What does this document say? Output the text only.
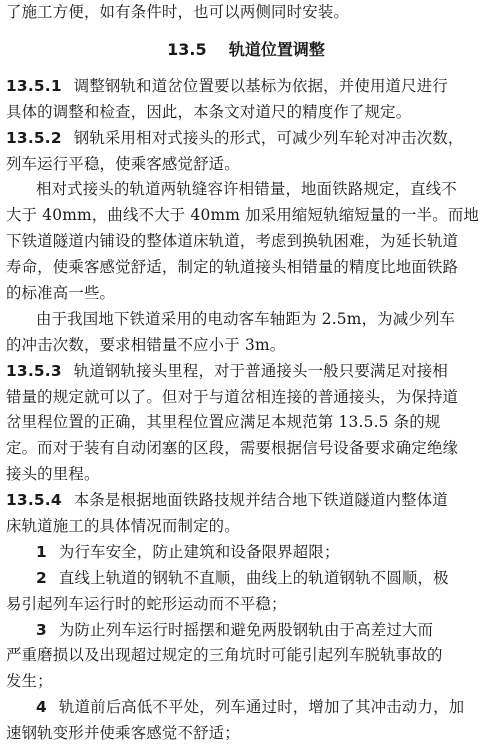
了施工方便，如有条件时，也可以两侧同时安装。
13.5 轨道位置调整
13.5.1 调整钢轨和道岔位置要以基标为依据，并使用道尺进行
具体的调整和检查，因此，本条文对道尺的精度作了规定。
13.5.2 钢轨采用相对式接头的形式，可减少列车轮对冲击次数，
列车运行平稳，使乘客感觉舒适。
相对式接头的轨道两轨缝容许相错量，地面铁路规定，直线不
大于 40mm，曲线不大于 40mm 加采用缩短轨缩短量的一半。而地
下铁道隧道内铺设的整体道床轨道，考虑到换轨困难，为延长轨道
寿命，使乘客感觉舒适，制定的轨道接头相错量的精度比地面铁路
的标准高一些。
由于我国地下铁道采用的电动客车轴距为 2.5m，为减少列车
的冲击次数，要求相错量不应小于 3m。
13.5.3 轨道钢轨接头里程，对于普通接头一般只要满足对接相
错量的规定就可以了。但对于与道岔相连接的普通接头，为保持道
岔里程位置的正确，其里程位置应满足本规范第 13.5.5 条的规
定。而对于装有自动闭塞的区段，需要根据信号设备要求确定绝缘
接头的里程。
13.5.4 本条是根据地面铁路技规并结合地下铁道隧道内整体道
床轨道施工的具体情况而制定的。
1 为行车安全，防止建筑和设备限界超限；
2 直线上轨道的钢轨不直顺，曲线上的轨道钢轨不圆顺，极
易引起列车运行时的蛇形运动而不平稳；
3 为防止列车运行时摇摆和避免两股钢轨由于高差过大而
严重磨损以及出现超过规定的三角坑时可能引起列车脱轨事故的
发生；
4 轨道前后高低不平处，列车通过时，增加了其冲击动力，加
速钢轨变形并使乘客感觉不舒适；
